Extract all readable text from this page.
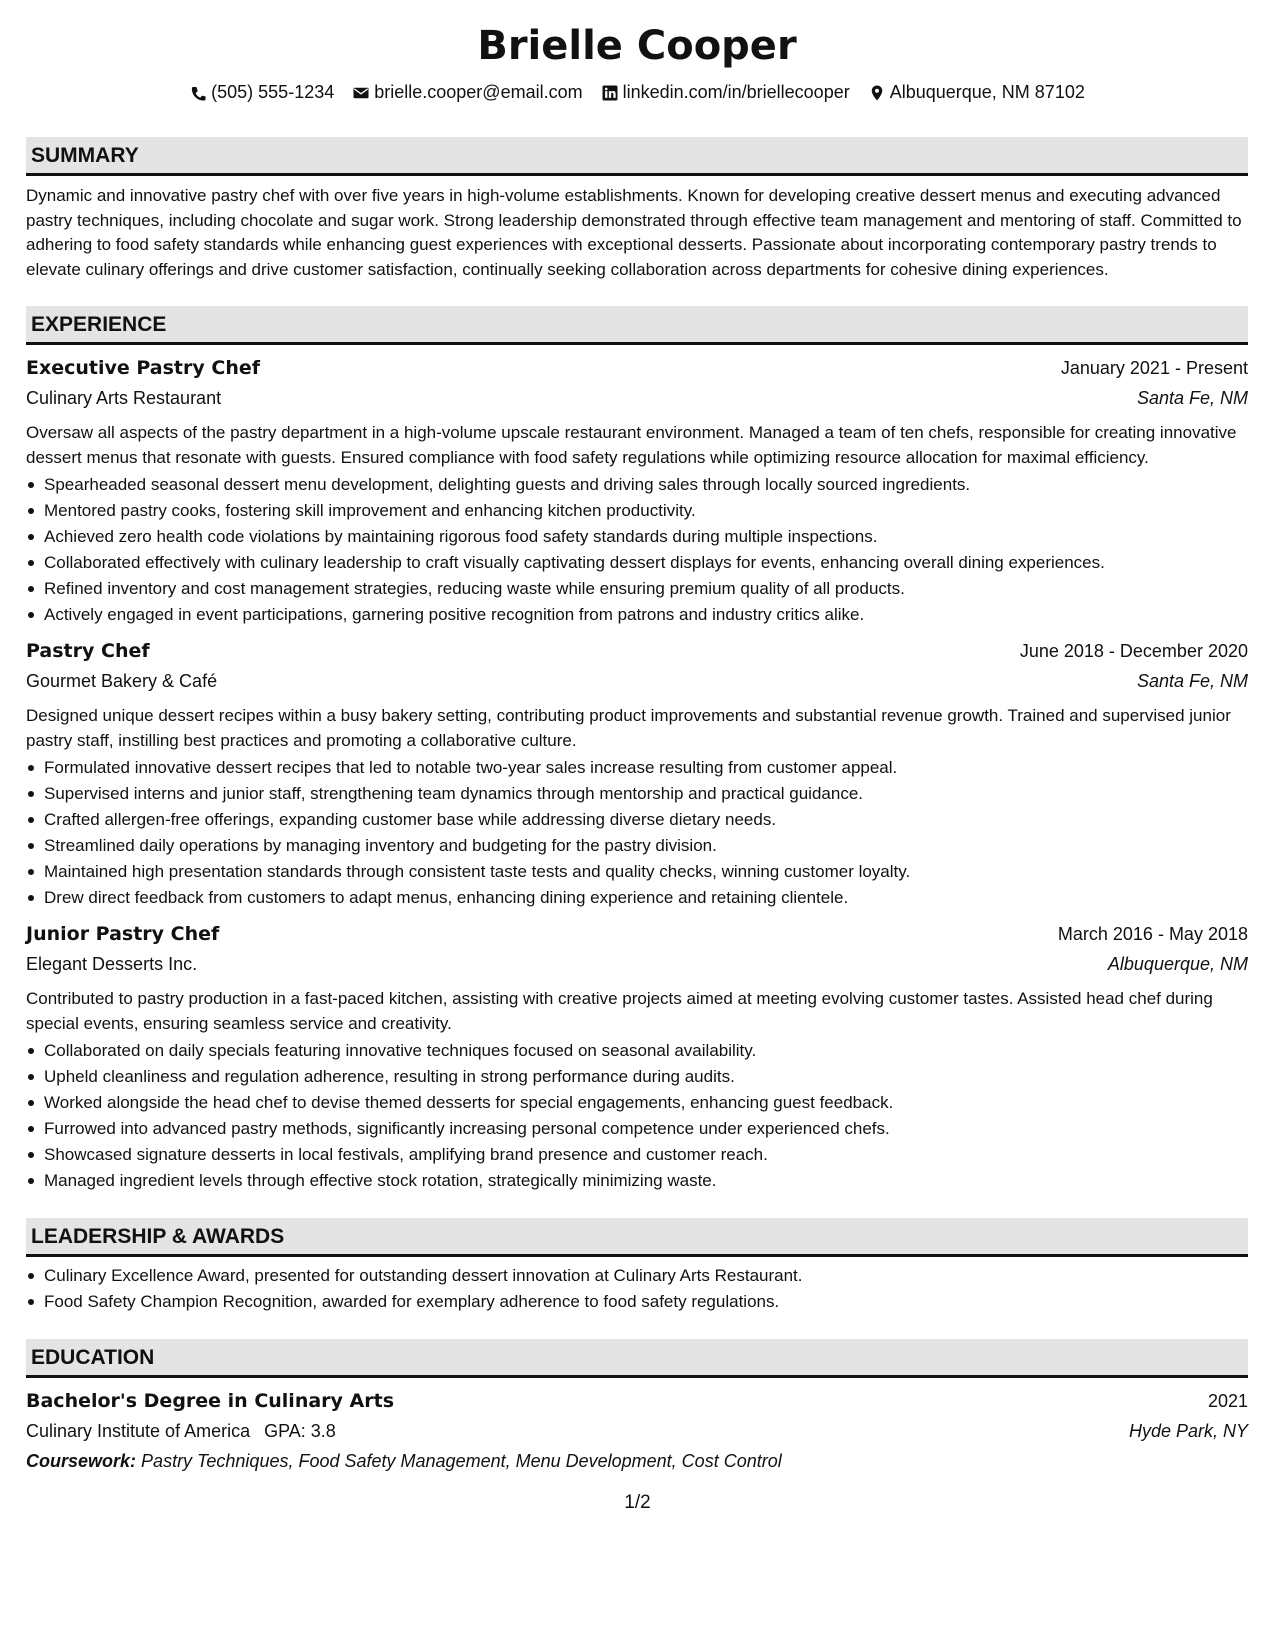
Brielle Cooper
(505) 555-1234 brielle.cooper@email.com linkedin.com/in/briellecooper Albuquerque, NM 87102
SUMMARY

Dynamic and innovative pastry chef with over five years in high-volume establishments. Known for developing creative dessert menus and executing advanced pastry techniques, including chocolate and sugar work. Strong leadership demonstrated through effective team management and mentoring of staff. Committed to adhering to food safety standards while enhancing guest experiences with exceptional desserts. Passionate about incorporating contemporary pastry trends to elevate culinary offerings and drive customer satisfaction, continually seeking collaboration across departments for cohesive dining experiences.

EXPERIENCE
Executive Pastry Chef	January 2021 - Present
Culinary Arts Restaurant	Santa Fe, NM

Oversaw all aspects of the pastry department in a high-volume upscale restaurant environment. Managed a team of ten chefs, responsible for creating innovative dessert menus that resonate with guests. Ensured compliance with food safety regulations while optimizing resource allocation for maximal efficiency.

Spearheaded seasonal dessert menu development, delighting guests and driving sales through locally sourced ingredients.
Mentored pastry cooks, fostering skill improvement and enhancing kitchen productivity.
Achieved zero health code violations by maintaining rigorous food safety standards during multiple inspections.
Collaborated effectively with culinary leadership to craft visually captivating dessert displays for events, enhancing overall dining experiences.
Refined inventory and cost management strategies, reducing waste while ensuring premium quality of all products.
Actively engaged in event participations, garnering positive recognition from patrons and industry critics alike.
Pastry Chef	June 2018 - December 2020
Gourmet Bakery & Café	Santa Fe, NM

Designed unique dessert recipes within a busy bakery setting, contributing product improvements and substantial revenue growth. Trained and supervised junior pastry staff, instilling best practices and promoting a collaborative culture.

Formulated innovative dessert recipes that led to notable two-year sales increase resulting from customer appeal.
Supervised interns and junior staff, strengthening team dynamics through mentorship and practical guidance.
Crafted allergen-free offerings, expanding customer base while addressing diverse dietary needs.
Streamlined daily operations by managing inventory and budgeting for the pastry division.
Maintained high presentation standards through consistent taste tests and quality checks, winning customer loyalty.
Drew direct feedback from customers to adapt menus, enhancing dining experience and retaining clientele.
Junior Pastry Chef	March 2016 - May 2018
Elegant Desserts Inc.	Albuquerque, NM

Contributed to pastry production in a fast-paced kitchen, assisting with creative projects aimed at meeting evolving customer tastes. Assisted head chef during special events, ensuring seamless service and creativity.

Collaborated on daily specials featuring innovative techniques focused on seasonal availability.
Upheld cleanliness and regulation adherence, resulting in strong performance during audits.
Worked alongside the head chef to devise themed desserts for special engagements, enhancing guest feedback.
Furrowed into advanced pastry methods, significantly increasing personal competence under experienced chefs.
Showcased signature desserts in local festivals, amplifying brand presence and customer reach.
Managed ingredient levels through effective stock rotation, strategically minimizing waste.
LEADERSHIP & AWARDS
Culinary Excellence Award, presented for outstanding dessert innovation at Culinary Arts Restaurant.
Food Safety Champion Recognition, awarded for exemplary adherence to food safety regulations.
EDUCATION
Bachelor's Degree in Culinary Arts	2021
Culinary Institute of America GPA: 3.8	Hyde Park, NY
Coursework: Pastry Techniques, Food Safety Management, Menu Development, Cost Control
1/2
